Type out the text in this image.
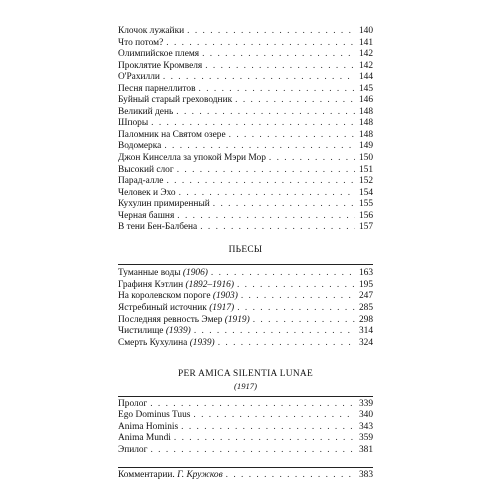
Клочок лужайки . . .	140
Что потом? . . .	141
Олимпийское племя . . .	142
Проклятие Кромвеля . . .	142
О'Рахилли . . .	144
Песня парнеллитов . . .	145
Буйный старый греховодник . . .	146
Великий день . . .	148
Шпоры . . .	148
Паломник на Святом озере . . .	148
Водомерка . . .	149
Джон Кинселла за упокой Мэри Мор . . .	150
Высокий слог . . .	151
Парад-алле . . .	152
Человек и Эхо . . .	154
Кухулин примиренный . . .	155
Черная башня . . .	156
В тени Бен-Балбена . . .	157
ПЬЕСЫ
Туманные воды (1906) . . .	163
Графиня Кэтлин (1892–1916) . . .	195
На королевском пороге (1903) . . .	247
Ястребиный источник (1917) . . .	285
Последняя ревность Эмер (1919) . . .	298
Чистилище (1939) . . .	314
Смерть Кухулина (1939) . . .	324
PER AMICA SILENTIA LUNAE
(1917)
Пролог . . .	339
Ego Dominus Tuus . . .	340
Anima Hominis . . .	343
Anima Mundi . . .	359
Эпилог . . .	381
Комментарии. Г. Кружков . . .	383
